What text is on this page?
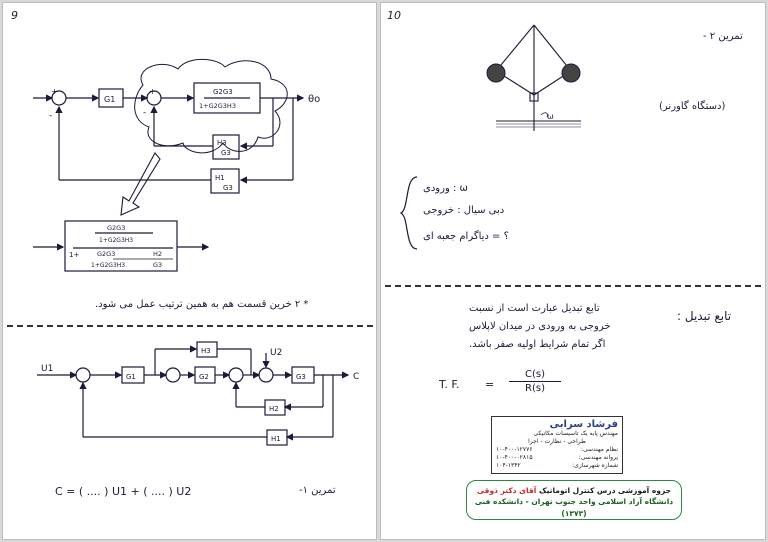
9
+	+
-	-
G1
G2G3
1+G2G3H3
H3
G3
H1
G3
θo
G2G3
1+G2G3H3
1+	G2G3
1+G2G3H3
H2
G3
* ٢ خرین قسمت هم به همین ترتیب عمل می شود.
U1
U2
G1	G2	G3
H3
H2
H1
C
C = ( .... ) U1 + ( .... ) U2	تمرین ١-
10
تمرین ٢ -
ω
(دستگاه گاورنر)
ω : ورودی
دبی سیال : خروجی
؟ = دیاگرام جعبه ای
تابع تبدیل :
تابع تبدیل عبارت است از نسبت
خروجی به ورودی در میدان لاپلاس
اگر تمام شرایط اولیه صفر باشد.
T. F. =
C(s)
R(s)
فرشاد سرابی
مهندس پایه یک تاسیسات مکانیکی
طراحی - نظارت - اجرا
نظام مهندسی:
۱۰-۴۰۰-۱۲۷۷۶
پروانه مهندسی:
۱۰-۴۰۰-۰۲۸۱۵
شماره شهرسازی:
۱۰۴-۱۳۴۲
جزوه آموزشی درس کنترل اتوماتیک آقای دکتر ذوقی
دانشگاه آزاد اسلامی واحد جنوب تهران - دانشکده فنی (۱۳۷۳)
